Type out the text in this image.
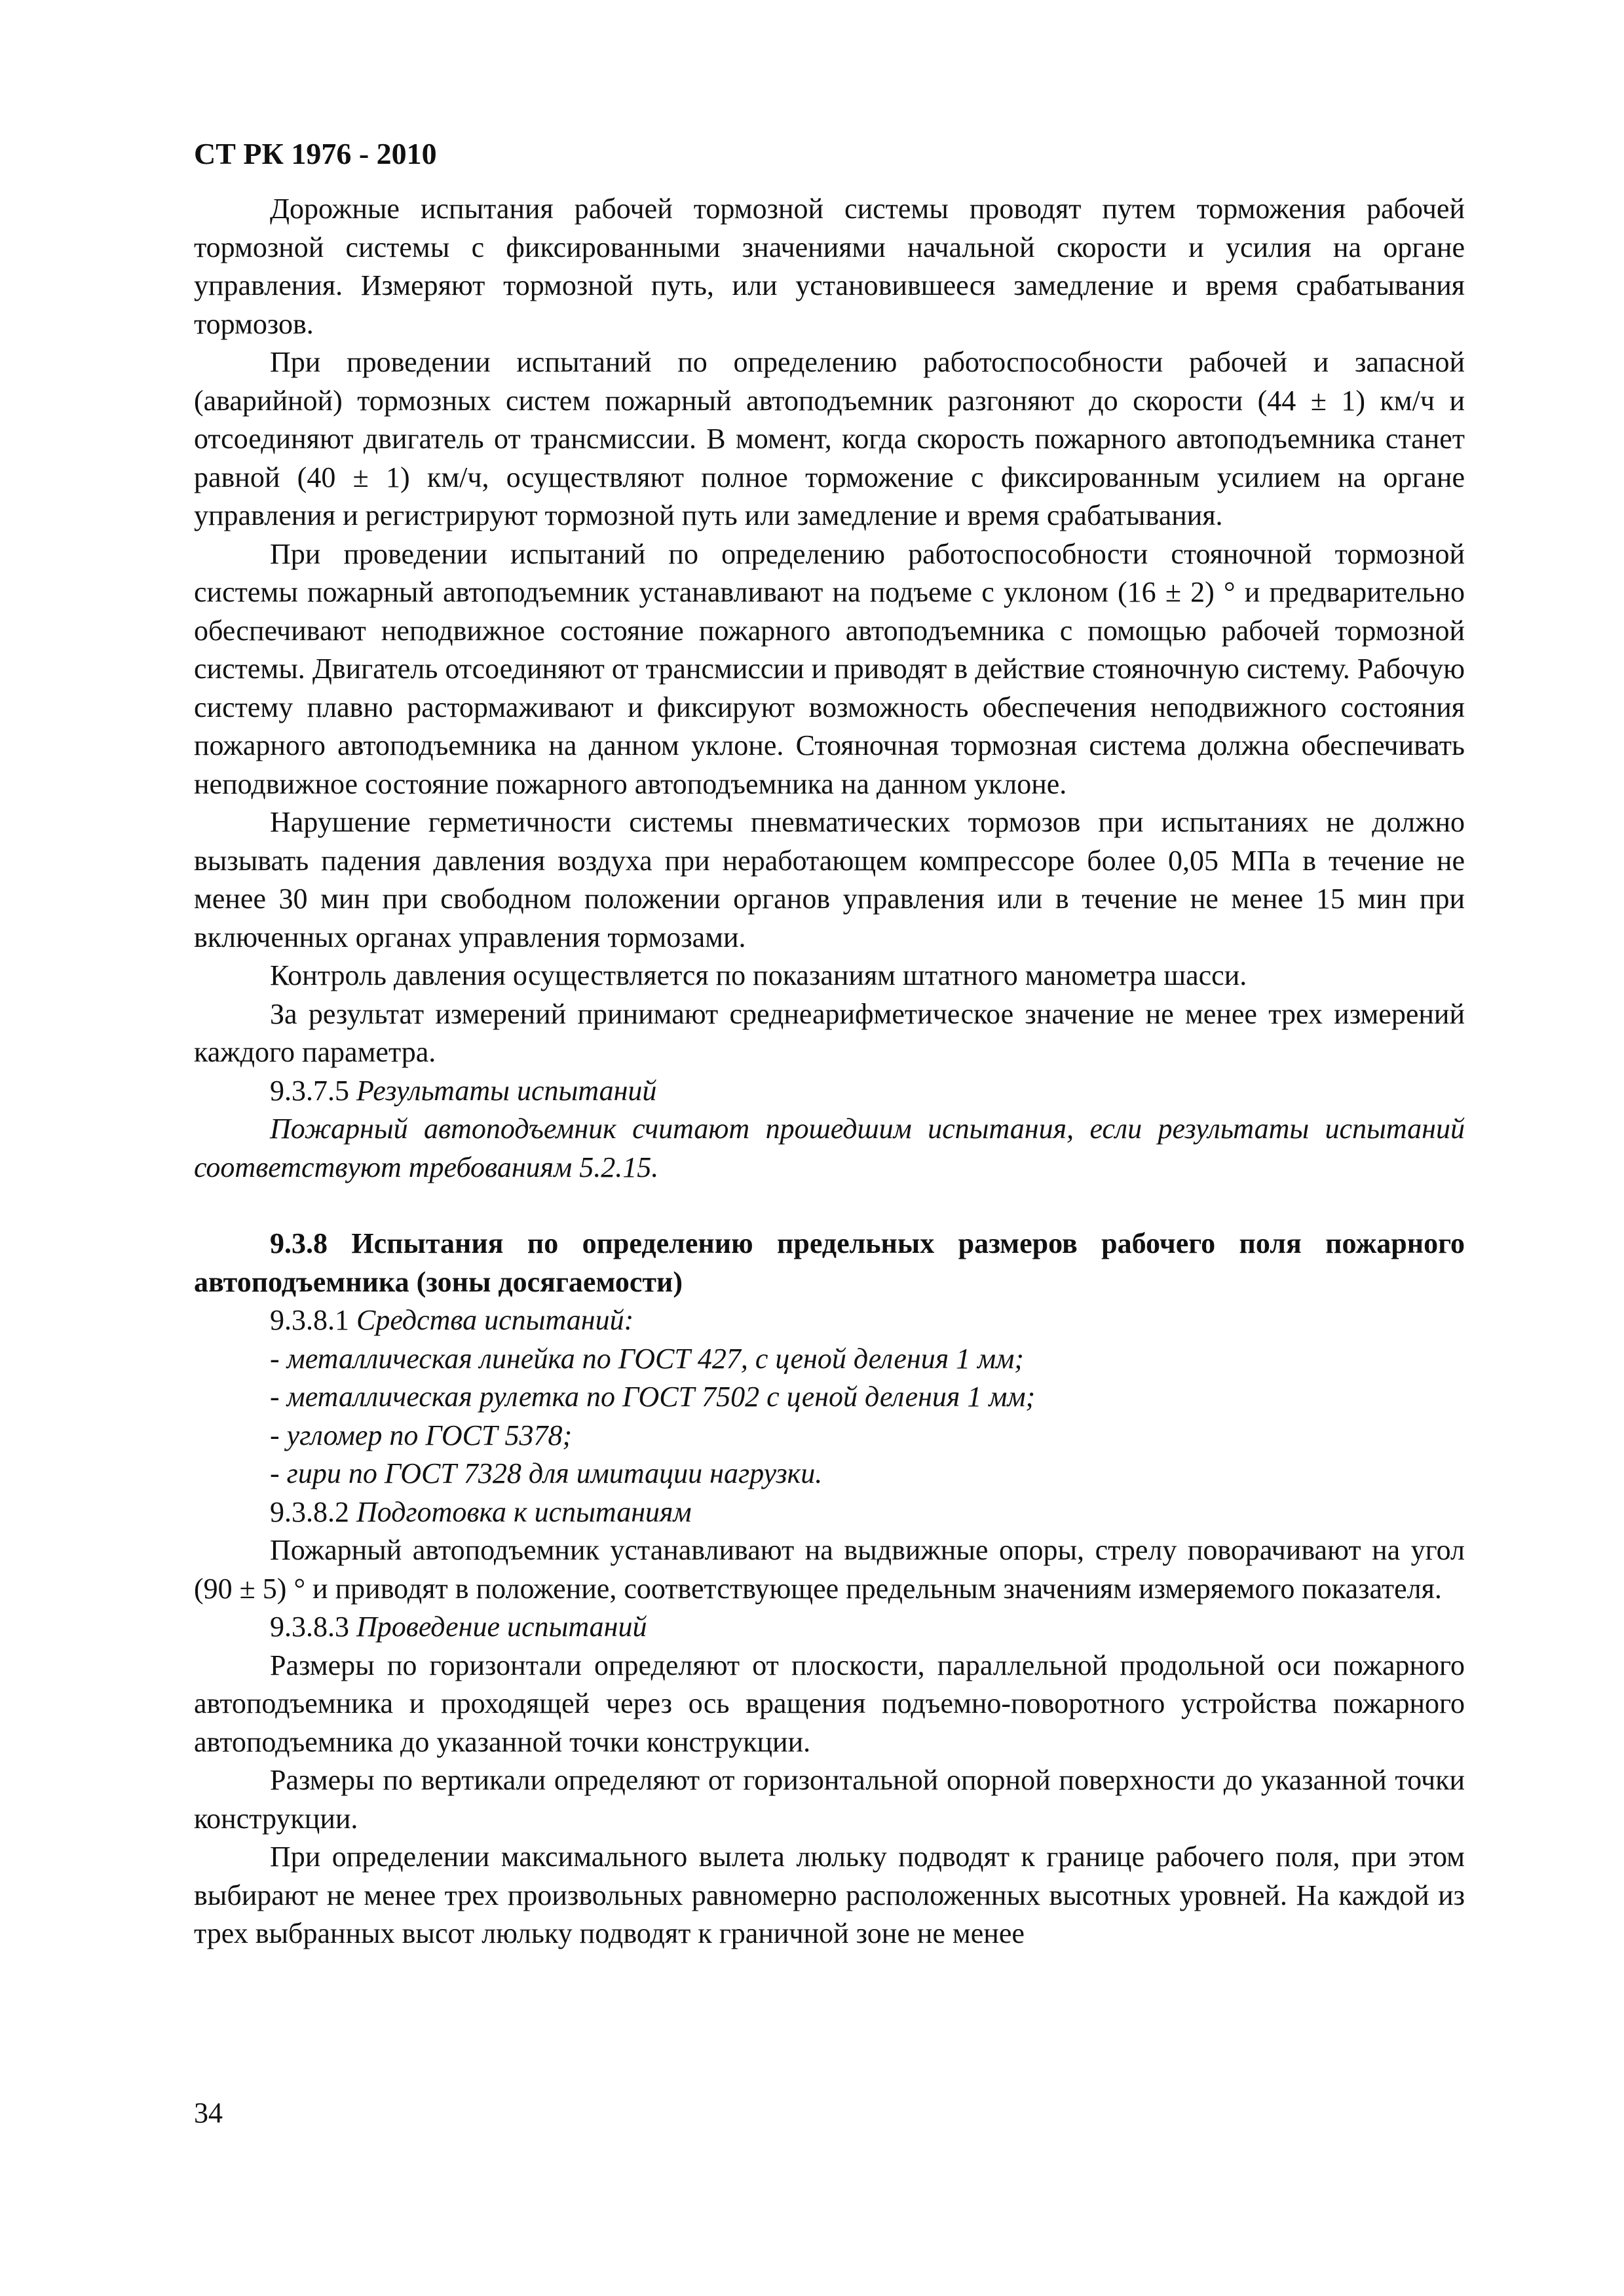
СТ РК 1976 - 2010

Дорожные испытания рабочей тормозной системы проводят путем торможения рабочей тормозной системы с фиксированными значениями начальной скорости и усилия на органе управления. Измеряют тормозной путь, или установившееся замедление и время срабатывания тормозов.

При проведении испытаний по определению работоспособности рабочей и запасной (аварийной) тормозных систем пожарный автоподъемник разгоняют до скорости (44 ± 1) км/ч и отсоединяют двигатель от трансмиссии. В момент, когда скорость пожарного автоподъемника станет равной (40 ± 1) км/ч, осуществляют полное торможение с фиксированным усилием на органе управления и регистрируют тормозной путь или замедление и время срабатывания.

При проведении испытаний по определению работоспособности стояночной тормозной системы пожарный автоподъемник устанавливают на подъеме с уклоном (16 ± 2) ° и предварительно обеспечивают неподвижное состояние пожарного автоподъемника с помощью рабочей тормозной системы. Двигатель отсоединяют от трансмиссии и приводят в действие стояночную систему. Рабочую систему плавно растормаживают и фиксируют возможность обеспечения неподвижного состояния пожарного автоподъемника на данном уклоне. Стояночная тормозная система должна обеспечивать неподвижное состояние пожарного автоподъемника на данном уклоне.

Нарушение герметичности системы пневматических тормозов при испытаниях не должно вызывать падения давления воздуха при неработающем компрессоре более 0,05 МПа в течение не менее 30 мин при свободном положении органов управления или в течение не менее 15 мин при включенных органах управления тормозами.

Контроль давления осуществляется по показаниям штатного манометра шасси.

За результат измерений принимают среднеарифметическое значение не менее трех измерений каждого параметра.

9.3.7.5 Результаты испытаний

Пожарный автоподъемник считают прошедшим испытания, если результаты испытаний соответствуют требованиям 5.2.15.

9.3.8 Испытания по определению предельных размеров рабочего поля пожарного автоподъемника (зоны досягаемости)

9.3.8.1 Средства испытаний:

- металлическая линейка по ГОСТ 427, с ценой деления 1 мм;

- металлическая рулетка по ГОСТ 7502 с ценой деления 1 мм;

- угломер по ГОСТ 5378;

- гири по ГОСТ 7328 для имитации нагрузки.

9.3.8.2 Подготовка к испытаниям

Пожарный автоподъемник устанавливают на выдвижные опоры, стрелу поворачивают на угол (90 ± 5) ° и приводят в положение, соответствующее предельным значениям измеряемого показателя.

9.3.8.3 Проведение испытаний

Размеры по горизонтали определяют от плоскости, параллельной продольной оси пожарного автоподъемника и проходящей через ось вращения подъемно-поворотного устройства пожарного автоподъемника до указанной точки конструкции.

Размеры по вертикали определяют от горизонтальной опорной поверхности до указанной точки конструкции.

При определении максимального вылета люльку подводят к границе рабочего поля, при этом выбирают не менее трех произвольных равномерно расположенных высотных уровней. На каждой из трех выбранных высот люльку подводят к граничной зоне не менее

34
